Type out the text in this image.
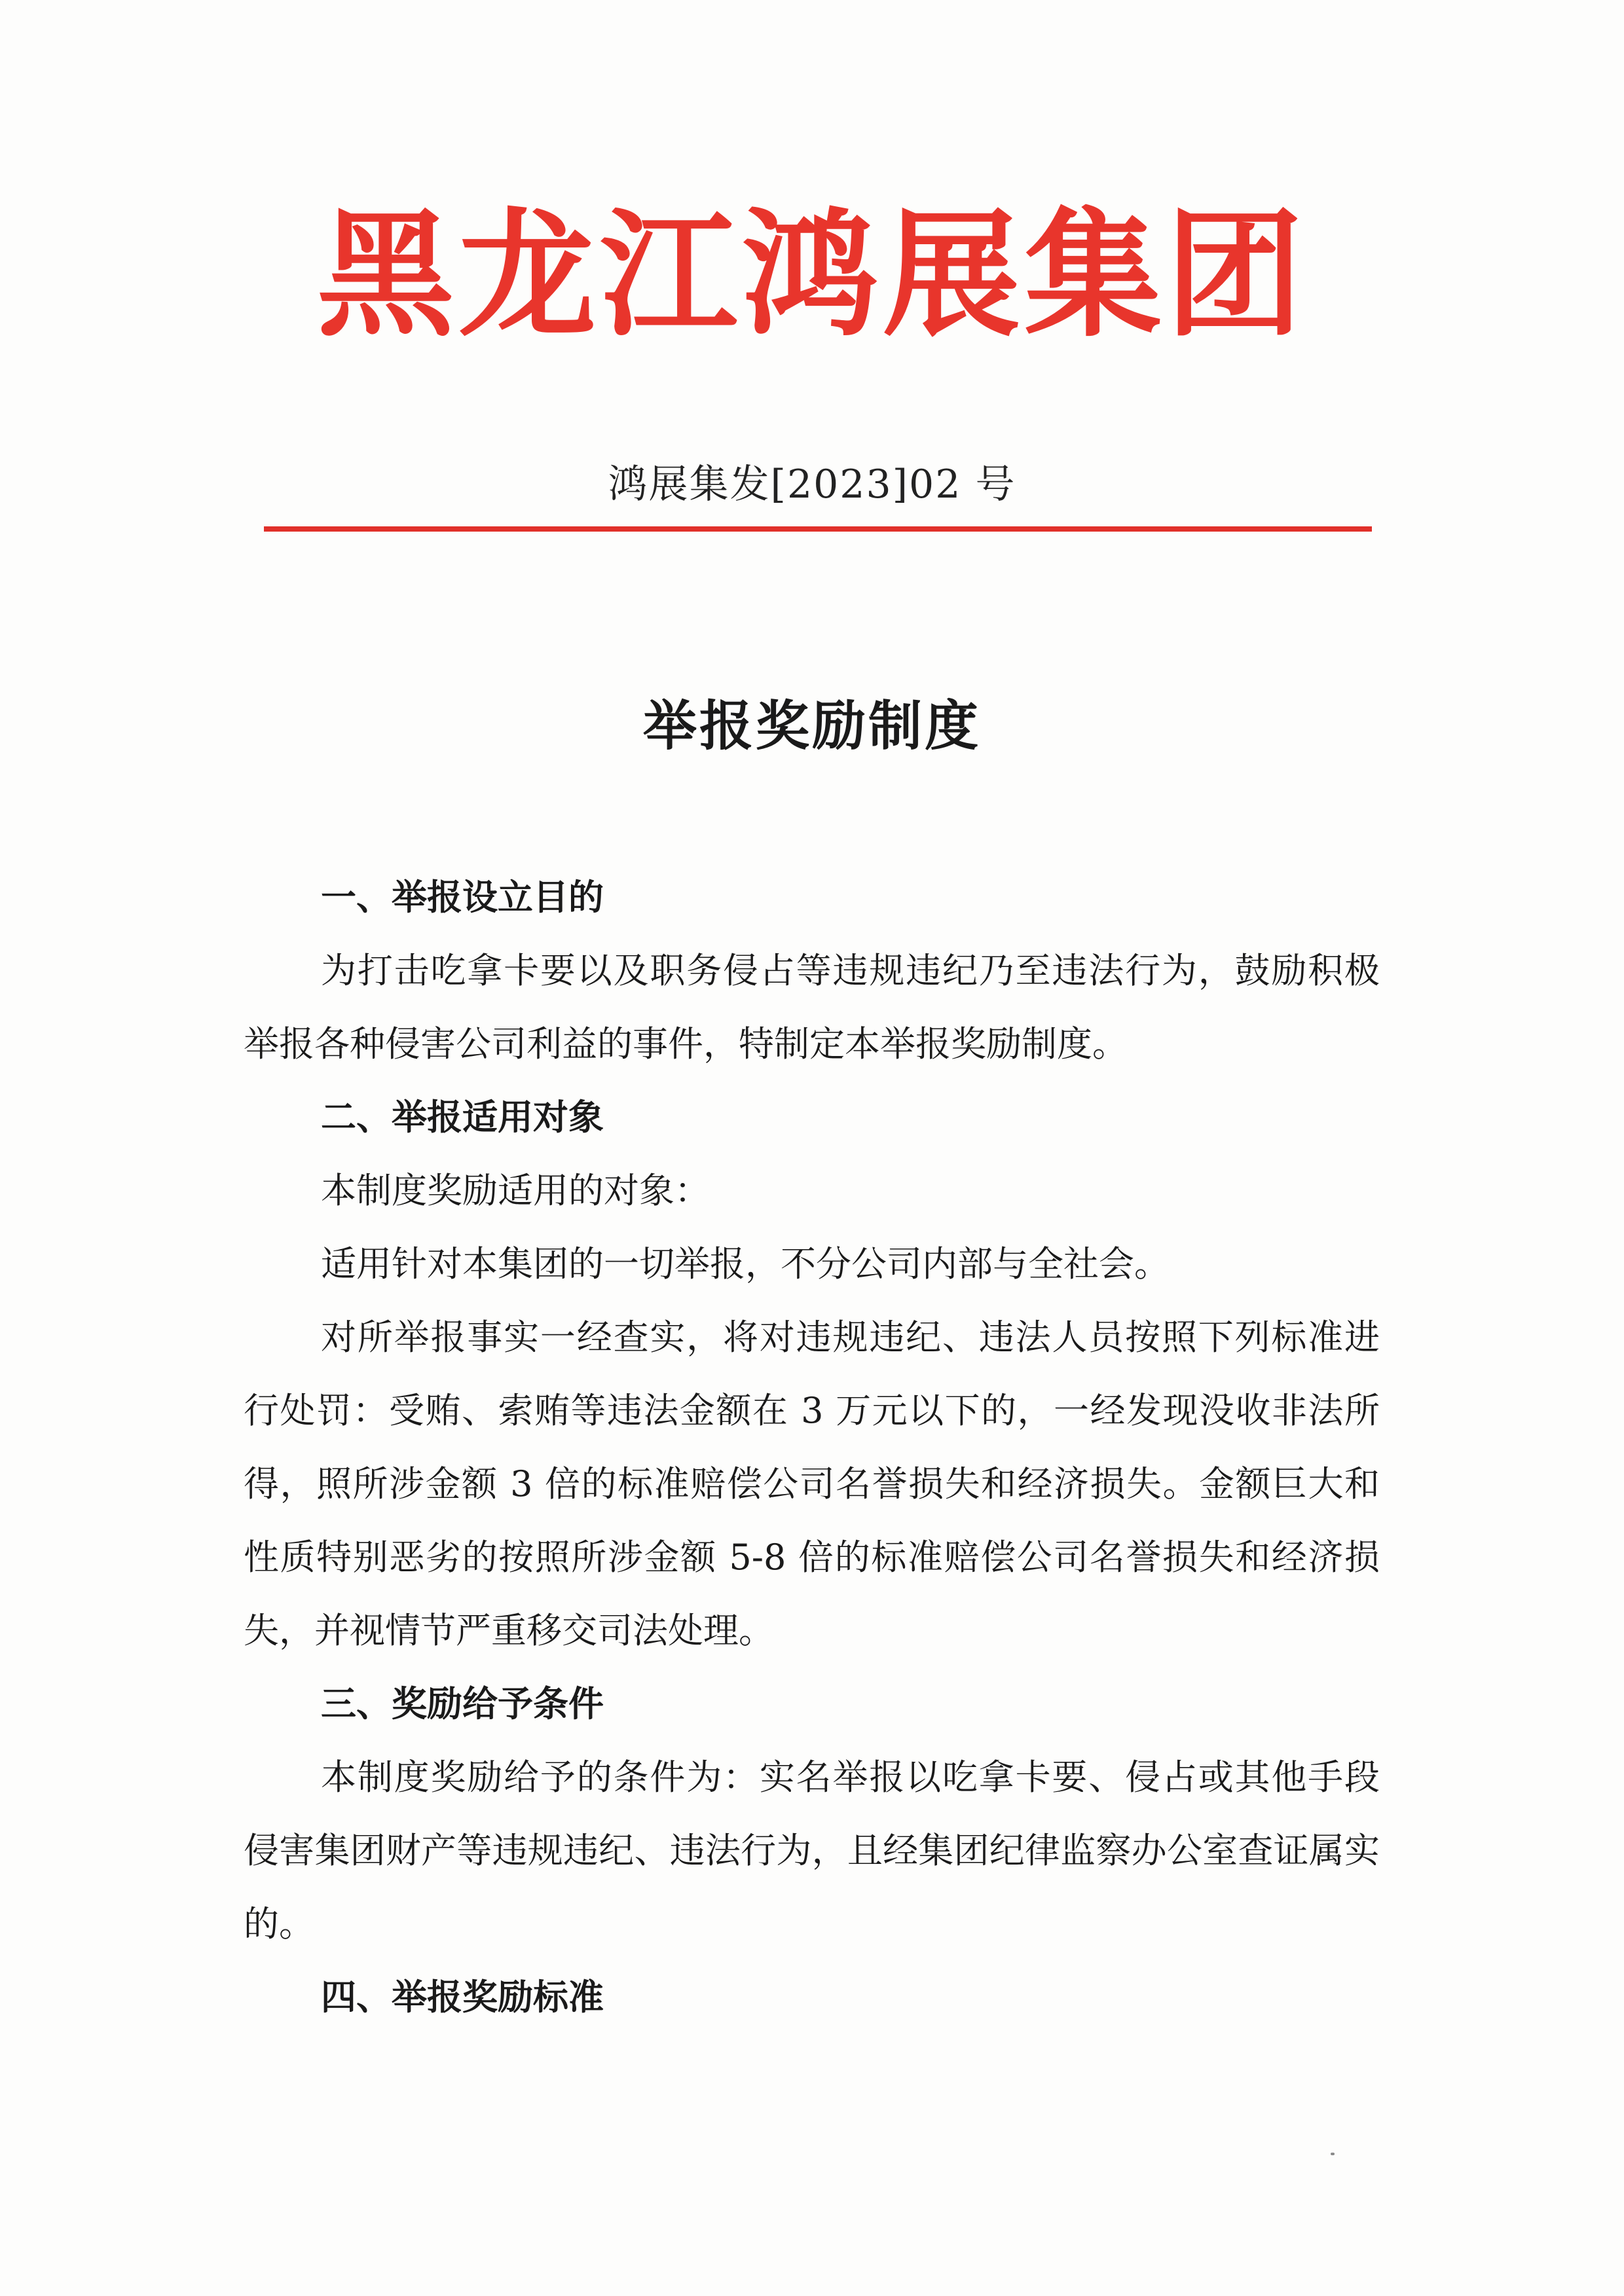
黑龙江鸿展集团
鸿展集发[2023]02 号
举报奖励制度
一、举报设立目的

为打击吃拿卡要以及职务侵占等违规违纪乃至违法行为，鼓励积极举报各种侵害公司利益的事件，特制定本举报奖励制度。

二、举报适用对象

本制度奖励适用的对象：

适用针对本集团的一切举报，不分公司内部与全社会。

对所举报事实一经查实，将对违规违纪、违法人员按照下列标准进行处罚：受贿、索贿等违法金额在 3 万元以下的，一经发现没收非法所得，照所涉金额 3 倍的标准赔偿公司名誉损失和经济损失。金额巨大和性质特别恶劣的按照所涉金额 5-8 倍的标准赔偿公司名誉损失和经济损失，并视情节严重移交司法处理。

三、奖励给予条件

本制度奖励给予的条件为：实名举报以吃拿卡要、侵占或其他手段侵害集团财产等违规违纪、违法行为，且经集团纪律监察办公室查证属实的。

四、举报奖励标准
